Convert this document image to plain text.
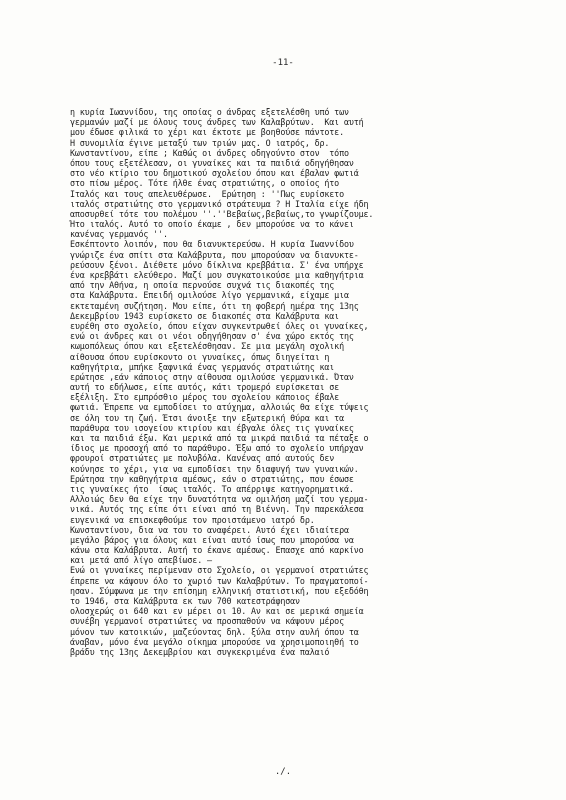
-11-
η κυρία Ιωαννίδου, της οποίας ο άνδρας εξετελέσθη υπό των
γερμανών μαζί με όλους τους άνδρες των Καλαβρύτων.  Και αυτή
μου έδωσε φιλικά το χέρι και έκτοτε με βοηθούσε πάντοτε.
Η συνομιλία έγινε μεταξύ των τριών μας. Ο ιατρός, δρ.
Κωνσταντίνου, είπε ; Καθώς οι άνδρες οδηγούντο στον  τόπο
όπου τους εξετέλεσαν, οι γυναίκες και τα παιδιά οδηγήθησαν
στο νέο κτίριο του δημοτικού σχολείου όπου και έβαλαν φωτιά
στο πίσω μέρος. Τότε ήλθε ένας στρατιώτης, ο οποίος ήτο
Ιταλός και τους απελευθέρωσε.  Ερώτηση : ''Πως ευρίσκετο
ιταλός στρατιώτης στο γερμανικό στράτευμα ? Η Ιταλία είχε ήδη
αποσυρθεί τότε του πολέμου ''.''Βεβαίως,βεβαίως,το γνωρίζουμε.
Ήτο ιταλός. Αυτό το οποίο έκαμε , δεν μπορούσε να το κάνει
κανένας γερμανός ''.
Εσκέπτοντο λοιπόν, που θα διανυκτερεύσω. Η κυρία Ιωαννίδου
γνώριζε ένα σπίτι στα Καλάβρυτα, που μπορούσαν να διανυκτε-
ρεύσουν ξένοι. Διέθετε μόνο δίκλινα κρεββάτια. Σ' ένα υπήρχε
ένα κρεββάτι ελεύθερο. Μαζί μου συγκατοικούσε μια καθηγήτρια
από την Αθήνα, η οποία περνούσε συχνά τις διακοπές της
στα Καλάβρυτα. Επειδή ομιλούσε λίγο γερμανικά, είχαμε μια
εκτεταμένη συζήτηση. Μου είπε, ότι τη φοβερή ημέρα της 13ης
Δεκεμβρίου 1943 ευρίσκετο σε διακοπές στα Καλάβρυτα και
ευρέθη στο σχολείο, όπου είχαν συγκεντρωθεί όλες οι γυναίκες,
ενώ οι άνδρες και οι νέοι οδηγήθησαν σ' ένα χώρο εκτός της
κωμοπόλεως όπου και εξετελέσθησαν. Σε μια μεγάλη σχολική
αίθουσα όπου ευρίσκοντο οι γυναίκες, όπως διηγείται η
καθηγήτρια, μπήκε ξαφνικά ένας γερμανός στρατιώτης και
ερώτησε ,εάν κάποιος στην αίθουσα ομιλούσε γερμανικά. Όταν
αυτή το εδήλωσε, είπε αυτός, κάτι τρομερό ευρίσκεται σε
εξέλιξη. Στο εμπρόσθιο μέρος του σχολείου κάποιος έβαλε
φωτιά. Έπρεπε να εμποδίσει το ατύχημα, αλλοιώς θα είχε τύψεις
σε όλη του τη ζωή. Έτσι άνοιξε την εξωτερική θύρα και τα
παράθυρα του ισογείου κτιρίου και έβγαλε όλες τις γυναίκες
και τα παιδιά έξω. Και μερικά από τα μικρά παιδιά τα πέταξε ο
ίδιος με προσοχή από το παράθυρο. Έξω από το σχολείο υπήρχαν
φρουροί στρατιώτες με πολυβόλα. Κανένας από αυτούς δεν
κούνησε το χέρι, για να εμποδίσει την διαφυγή των γυναικών.
Ερώτησα την καθηγήτρια αμέσως, εάν ο στρατιώτης, που έσωσε
τις γυναίκες ήτο  ίσως ιταλός. Το απέρριψε κατηγορηματικά.
Αλλοιώς δεν θα είχε την δυνατότητα να ομιλήση μαζί του γερμα-
νικά. Αυτός της είπε ότι είναι από τη Βιέννη. Την παρεκάλεσα
ευγενικά να επισκεφθούμε τον προιστάμενο ιατρό δρ.
Κωνσταντίνου, δια να του το αναφέρει. Αυτό έχει ιδιαίτερα
μεγάλο βάρος για όλους και είναι αυτό ίσως που μπορούσα να
κάνω στα Καλάβρυτα. Αυτή το έκανε αμέσως. Επασχε από καρκίνο
και μετά από λίγο απεβίωσε. –
Ενώ οι γυναίκες περίμεναν στο Σχολείο, οι γερμανοί στρατιώτες
έπρεπε να κάψουν όλο το χωριό των Καλαβρύτων. Το πραγματοποί-
ησαν. Σύμφωνα με την επίσημη ελληνική στατιστική, που εξεδόθη
το 1946, στα Καλάβρυτα εκ των 700 κατεστράφησαν
ολοσχερώς οι 640 και εν μέρει οι 10. Αν και σε μερικά σημεία
συνέβη γερμανοί στρατιώτες να προσπαθούν να κάψουν μέρος
μόνον των κατοικιών, μαζεύοντας δηλ. ξύλα στην αυλή όπου τα
άναβαν, μόνο ένα μεγάλο οίκημα μπορούσε να χρησιμοποιηθή το
βράδυ της 13ης Δεκεμβρίου και συγκεκριμένα ένα παλαιό
./.
